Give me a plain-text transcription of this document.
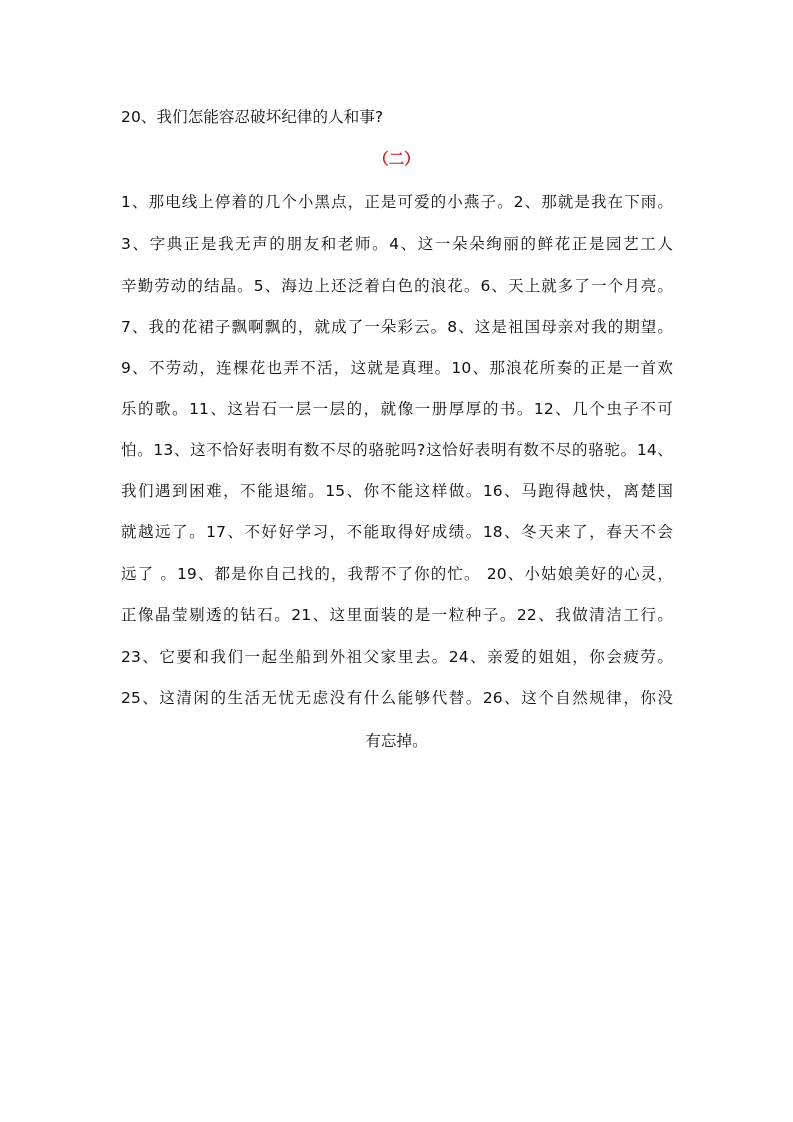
20、我们怎能容忍破坏纪律的人和事?
（二）
1、那电线上停着的几个小黑点，正是可爱的小燕子。2、那就是我在下雨。
3、字典正是我无声的朋友和老师。4、这一朵朵绚丽的鲜花正是园艺工人
辛勤劳动的结晶。5、海边上还泛着白色的浪花。6、天上就多了一个月亮。
7、我的花裙子飘啊飘的，就成了一朵彩云。8、这是祖国母亲对我的期望。
9、不劳动，连棵花也弄不活，这就是真理。10、那浪花所奏的正是一首欢
乐的歌。11、这岩石一层一层的，就像一册厚厚的书。12、几个虫子不可
怕。13、这不恰好表明有数不尽的骆驼吗?这恰好表明有数不尽的骆驼。14、
我们遇到困难，不能退缩。15、你不能这样做。16、马跑得越快，离楚国
就越远了。17、不好好学习，不能取得好成绩。18、冬天来了，春天不会
远了 。19、都是你自己找的，我帮不了你的忙。 20、小姑娘美好的心灵，
正像晶莹剔透的钻石。21、这里面装的是一粒种子。22、我做清洁工行。
23、它要和我们一起坐船到外祖父家里去。24、亲爱的姐姐，你会疲劳。
25、这清闲的生活无忧无虑没有什么能够代替。26、这个自然规律，你没
有忘掉。
